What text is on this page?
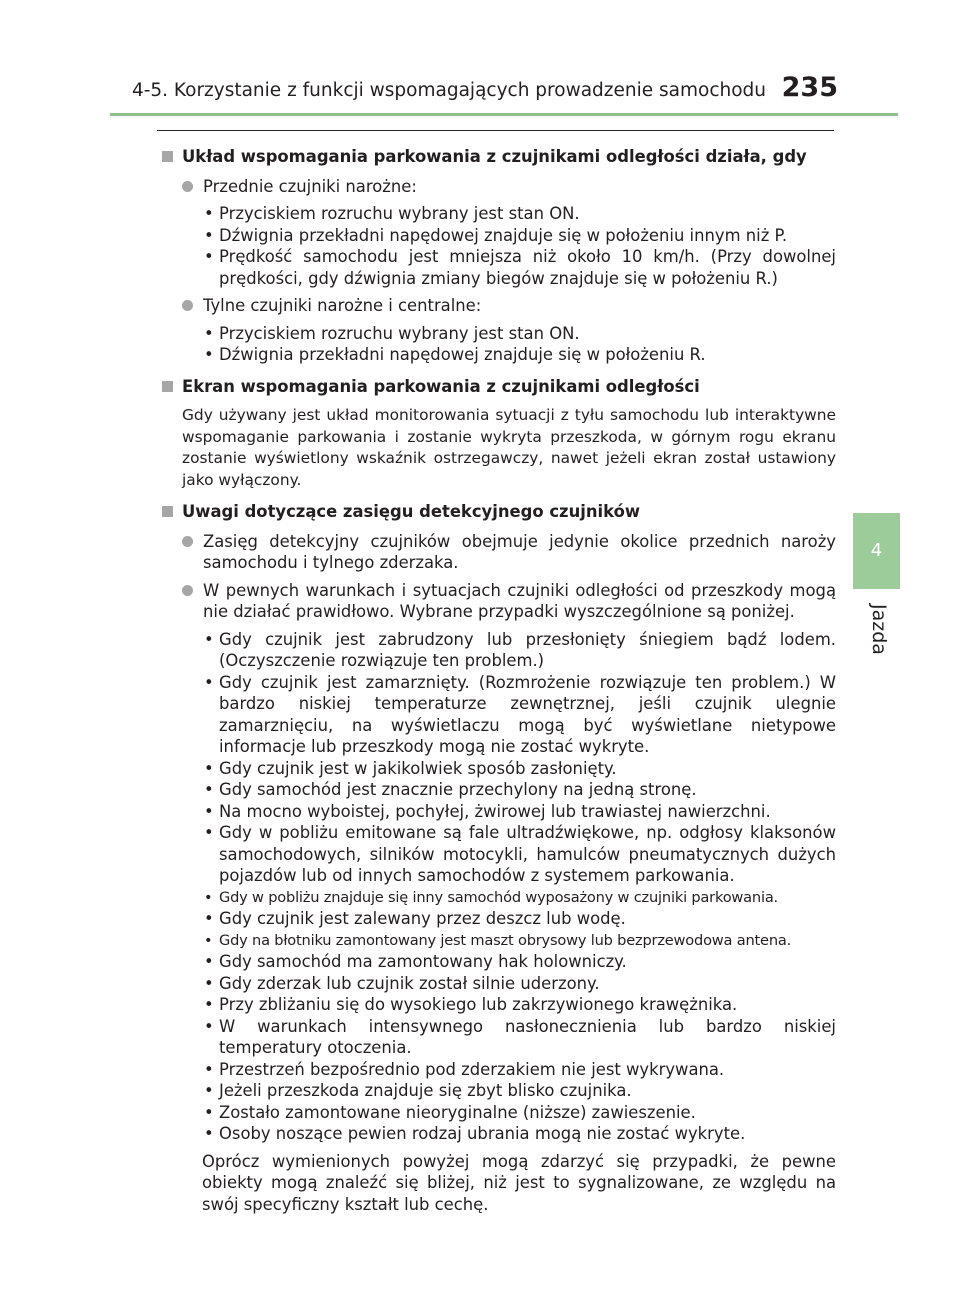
4-5. Korzystanie z funkcji wspomagających prowadzenie samochodu 235
4
Jazda
Układ wspomagania parkowania z czujnikami odległości działa, gdy
Przednie czujniki narożne:
• Przyciskiem rozruchu wybrany jest stan ON.
• Dźwignia przekładni napędowej znajduje się w położeniu innym niż P.
• Prędkość samochodu jest mniejsza niż około 10 km/h. (Przy dowolnej prędkości, gdy dźwignia zmiany biegów znajduje się w położeniu R.)
Tylne czujniki narożne i centralne:
• Przyciskiem rozruchu wybrany jest stan ON.
• Dźwignia przekładni napędowej znajduje się w położeniu R.
Ekran wspomagania parkowania z czujnikami odległości

Gdy używany jest układ monitorowania sytuacji z tyłu samochodu lub interaktywne wspomaganie parkowania i zostanie wykryta przeszkoda, w górnym rogu ekranu zostanie wyświetlony wskaźnik ostrzegawczy, nawet jeżeli ekran został ustawiony jako wyłączony.

Uwagi dotyczące zasięgu detekcyjnego czujników
Zasięg detekcyjny czujników obejmuje jedynie okolice przednich naroży samochodu i tylnego zderzaka.
W pewnych warunkach i sytuacjach czujniki odległości od przeszkody mogą nie działać prawidłowo. Wybrane przypadki wyszczególnione są poniżej.
• Gdy czujnik jest zabrudzony lub przesłonięty śniegiem bądź lodem. (Oczyszczenie rozwiązuje ten problem.)
• Gdy czujnik jest zamarznięty. (Rozmrożenie rozwiązuje ten problem.) W bardzo niskiej temperaturze zewnętrznej, jeśli czujnik ulegnie zamarznięciu, na wyświetlaczu mogą być wyświetlane nietypowe informacje lub przeszkody mogą nie zostać wykryte.
• Gdy czujnik jest w jakikolwiek sposób zasłonięty.
• Gdy samochód jest znacznie przechylony na jedną stronę.
• Na mocno wyboistej, pochyłej, żwirowej lub trawiastej nawierzchni.
• Gdy w pobliżu emitowane są fale ultradźwiękowe, np. odgłosy klaksonów samochodowych, silników motocykli, hamulców pneumatycznych dużych pojazdów lub od innych samochodów z systemem parkowania.
• Gdy w pobliżu znajduje się inny samochód wyposażony w czujniki parkowania.
• Gdy czujnik jest zalewany przez deszcz lub wodę.
• Gdy na błotniku zamontowany jest maszt obrysowy lub bezprzewodowa antena.
• Gdy samochód ma zamontowany hak holowniczy.
• Gdy zderzak lub czujnik został silnie uderzony.
• Przy zbliżaniu się do wysokiego lub zakrzywionego krawężnika.
• W warunkach intensywnego nasłonecznienia lub bardzo niskiej temperatury otoczenia.
• Przestrzeń bezpośrednio pod zderzakiem nie jest wykrywana.
• Jeżeli przeszkoda znajduje się zbyt blisko czujnika.
• Zostało zamontowane nieoryginalne (niższe) zawieszenie.
• Osoby noszące pewien rodzaj ubrania mogą nie zostać wykryte.

Oprócz wymienionych powyżej mogą zdarzyć się przypadki, że pewne obiekty mogą znaleźć się bliżej, niż jest to sygnalizowane, ze względu na swój specyficzny kształt lub cechę.
